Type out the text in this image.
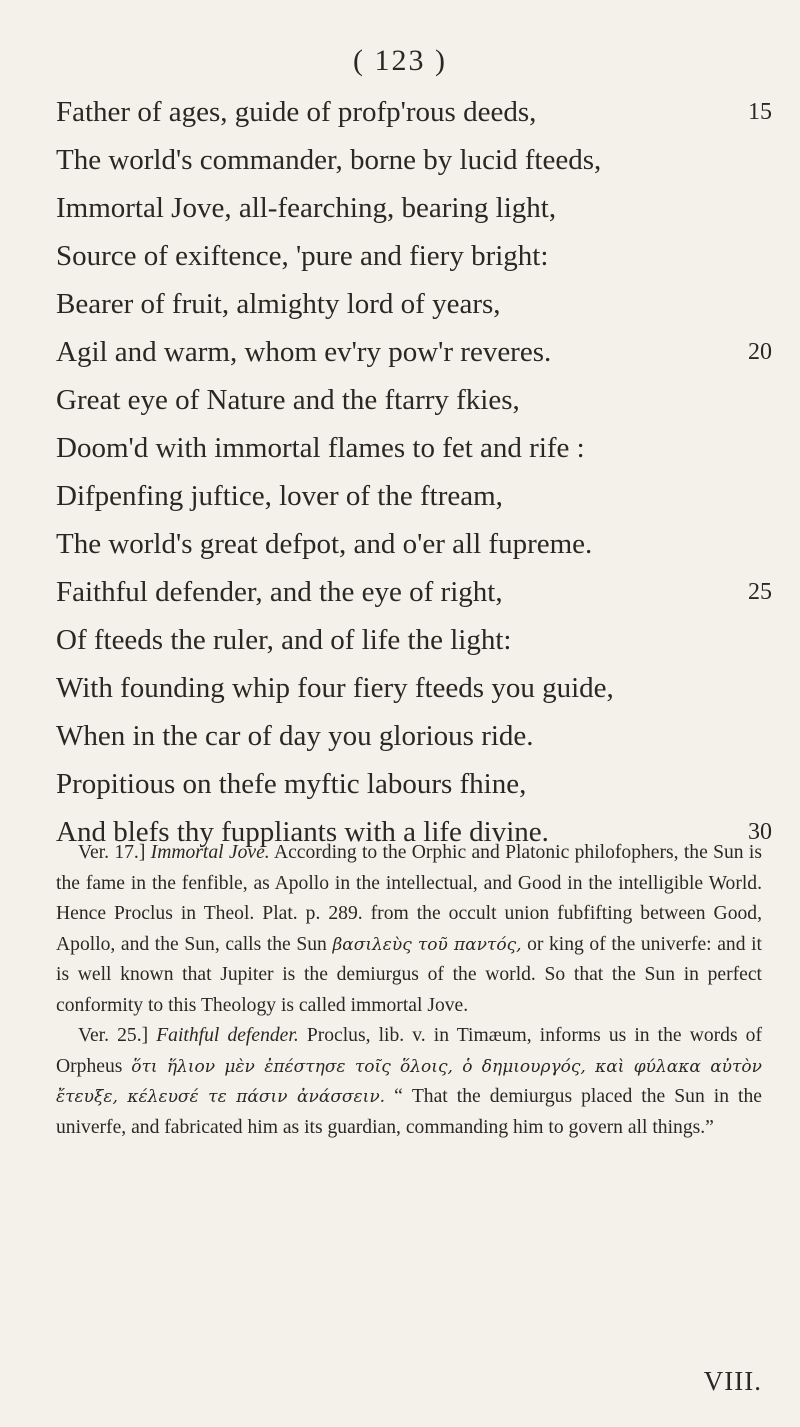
( 123 )
Father of ages, guide of profp'rous deeds,	15
The world's commander, borne by lucid fteeds,
Immortal Jove, all-fearching, bearing light,
Source of exiftence, 'pure and fiery bright:
Bearer of fruit, almighty lord of years,
Agil and warm, whom ev'ry pow'r reveres.	20
Great eye of Nature and the ftarry fkies,
Doom'd with immortal flames to fet and rife :
Difpenfing juftice, lover of the ftream,
The world's great defpot, and o'er all fupreme.
Faithful defender, and the eye of right,	25
Of fteeds the ruler, and of life the light:
With founding whip four fiery fteeds you guide,
When in the car of day you glorious ride.
Propitious on thefe myftic labours fhine,
And blefs thy fuppliants with a life divine.	30

Ver. 17.] Immortal Jove. According to the Orphic and Platonic philofophers, the Sun is the fame in the fenfible, as Apollo in the intellectual, and Good in the intelligible World. Hence Proclus in Theol. Plat. p. 289. from the occult union fubfifting between Good, Apollo, and the Sun, calls the Sun βασιλεὺς τοῦ παντός, or king of the univerfe: and it is well known that Jupiter is the demiurgus of the world. So that the Sun in perfect conformity to this Theology is called immortal Jove.

Ver. 25.] Faithful defender. Proclus, lib. v. in Timæum, informs us in the words of Orpheus ὅτι ἥλιον μὲν ἐπέστησε τοῖς ὅλοις, ὁ δημιουργός, καὶ φύλακα αὐτὸν ἔτευξε, κέλευσέ τε πάσιν ἀνάσσειν. “ That the demiurgus placed the Sun in the univerfe, and fabricated him as its guardian, commanding him to govern all things.”

VIII.
